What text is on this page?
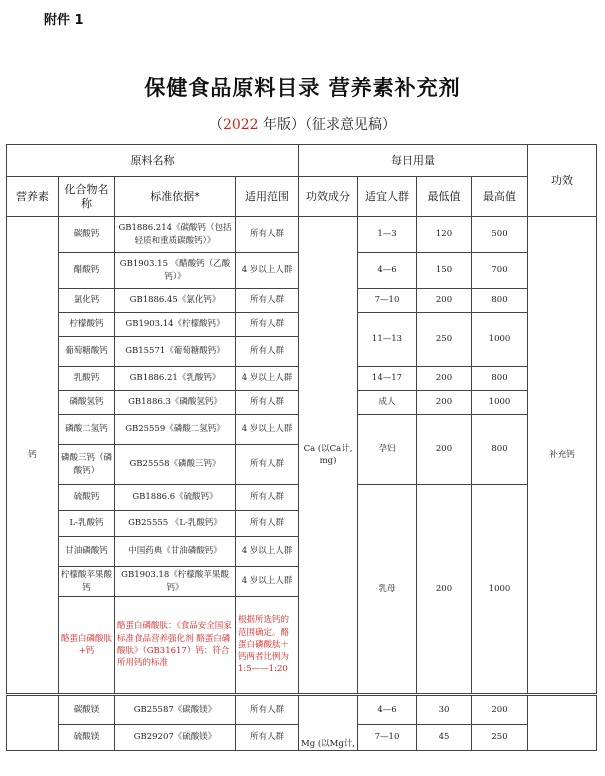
附件 1
保健食品原料目录 营养素补充剂
（2022 年版）（征求意见稿）
原料名称				每日用量				功效
营养素	化合物名称	标准依据*	适用范围	功效成分	适宜人群	最低值	最高值	
钙	碳酸钙	GB1886.214《碳酸钙（包括轻质和重质碳酸钙）》	所有人群	Ca (以Ca计, mg)	1—3	120	500	补充钙
	醋酸钙	GB1903.15 《醋酸钙（乙酸钙）》	4 岁以上人群		4—6	150	700	
	氯化钙	GB1886.45《氯化钙》	所有人群		7—10	200	800	
	柠檬酸钙	GB1903.14《柠檬酸钙》	所有人群		11—13	250	1000	
	葡萄糖酸钙	GB15571《葡萄糖酸钙》	所有人群					
	乳酸钙	GB1886.21《乳酸钙》	4 岁以上人群		14—17	200	800	
	磷酸氢钙	GB1886.3《磷酸氢钙》	所有人群		成人	200	1000	
	磷酸二氢钙	GB25559《磷酸二氢钙》	4 岁以上人群		孕妇	200	800	
	磷酸三钙（磷酸钙）	GB25558《磷酸三钙》	所有人群					
	硫酸钙	GB1886.6《硫酸钙》	所有人群		乳母	200	1000	
	L-乳酸钙	GB25555 《L-乳酸钙》	所有人群					
	甘油磷酸钙	中国药典《甘油磷酸钙》	4 岁以上人群					
	柠檬酸苹果酸钙	GB1903.18《柠檬酸苹果酸钙》	4 岁以上人群					
	酪蛋白磷酸肽+钙	酪蛋白磷酸肽：《食品安全国家标准食品营养强化剂 酪蛋白磷酸肽》（GB31617）钙：符合所用钙的标准	根据所选钙的范围确定。酪蛋白磷酸肽＋钙两者比例为1:5——1:20					
	碳酸镁	GB25587《碳酸镁》	所有人群	Mg (以Mg计,	4—6	30	200	
	硫酸镁	GB29207《硫酸镁》	所有人群		7—10	45	250	
